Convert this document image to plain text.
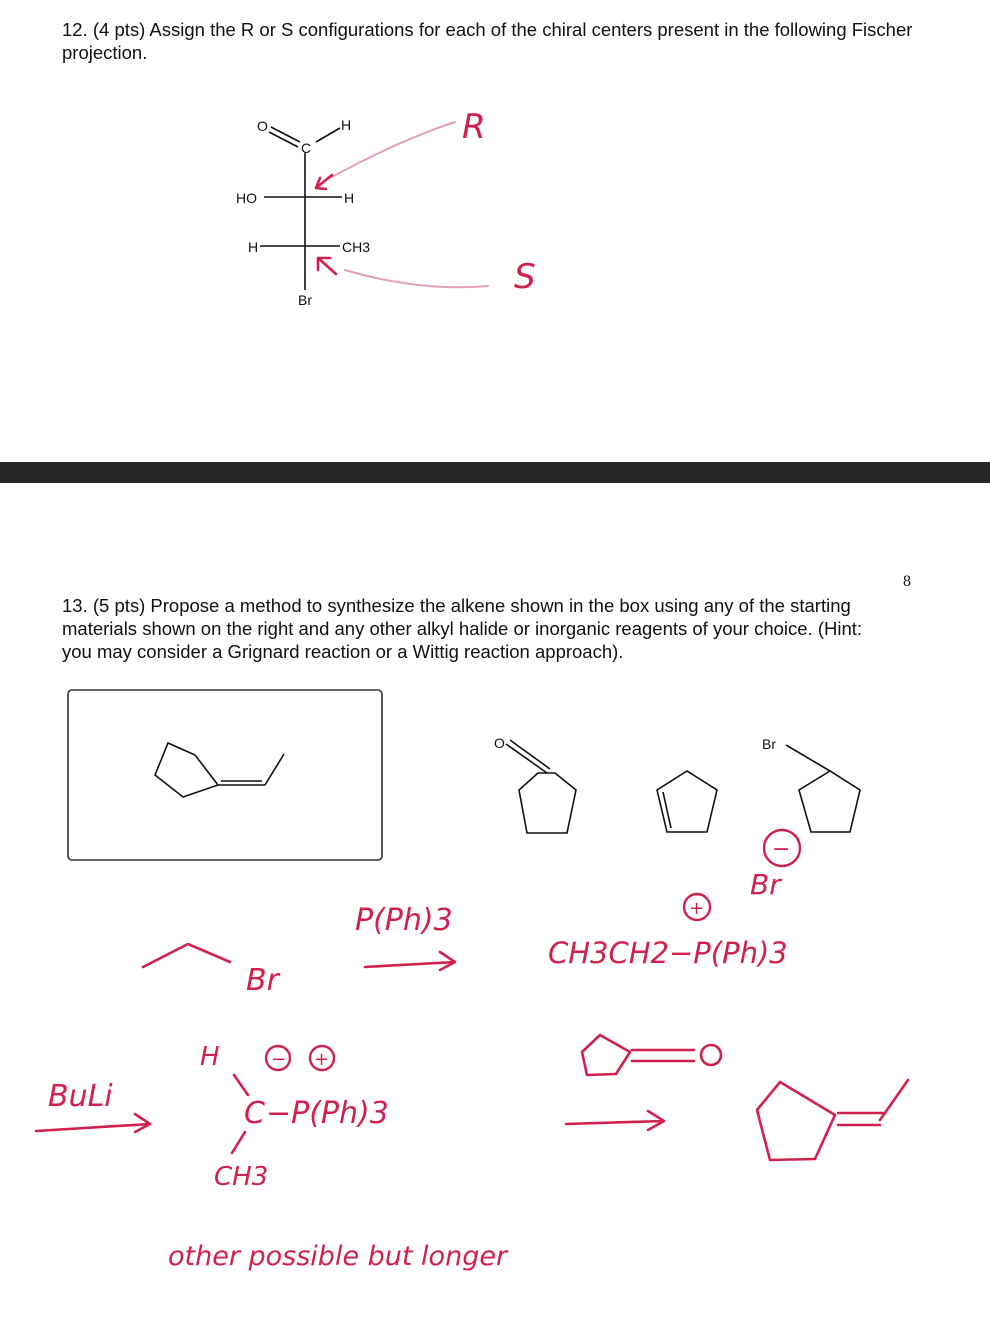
12. (4 pts) Assign the R or S configurations for each of the chiral centers present in the following Fischer projection.
8
13. (5 pts) Propose a method to synthesize the alkene shown in the box using any of the starting materials shown on the right and any other alkyl halide or inorganic reagents of your choice. (Hint: you may consider a Grignard reaction or a Wittig reaction approach).
O
C
H
HO	H
H	CH3
Br
R
S
O	Br
Br
P(Ph)3
−
Br
+
CH3CH2−P(Ph)3
BuLi
H	− +
C −P(Ph)3
CH3
other possible but longer
